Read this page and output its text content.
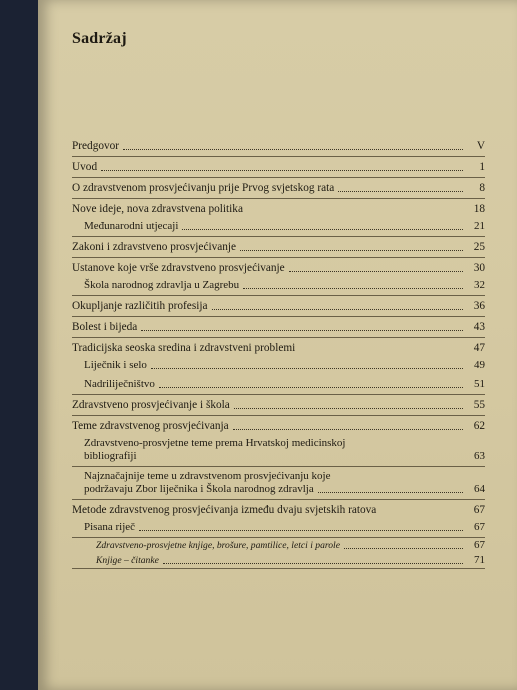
Sadržaj
Predgovor	V
Uvod	1
O zdravstvenom prosvjećivanju prije Prvog svjetskog rata	8
Nove ideje, nova zdravstvena politika	18
Međunarodni utjecaji	21
Zakoni i zdravstveno prosvjećivanje	25
Ustanove koje vrše zdravstveno prosvjećivanje	30
Škola narodnog zdravlja u Zagrebu	32
Okupljanje različitih profesija	36
Bolest i bijeda	43
Tradicijska seoska sredina i zdravstveni problemi	47
Liječnik i selo	49
Nadriliječništvo	51
Zdravstveno prosvjećivanje i škola	55
Teme zdravstvenog prosvjećivanja	62
Zdravstveno-prosvjetne teme prema Hrvatskoj medicinskoj
bibliografiji	63
Najznačajnije teme u zdravstvenom prosvjećivanju koje
podržavaju Zbor liječnika i Škola narodnog zdravlja	64
Metode zdravstvenog prosvjećivanja između dvaju svjetskih ratova	67
Pisana riječ	67
Zdravstveno-prosvjetne knjige, brošure, pamtilice, letci i parole	67
Knjige – čitanke	71
